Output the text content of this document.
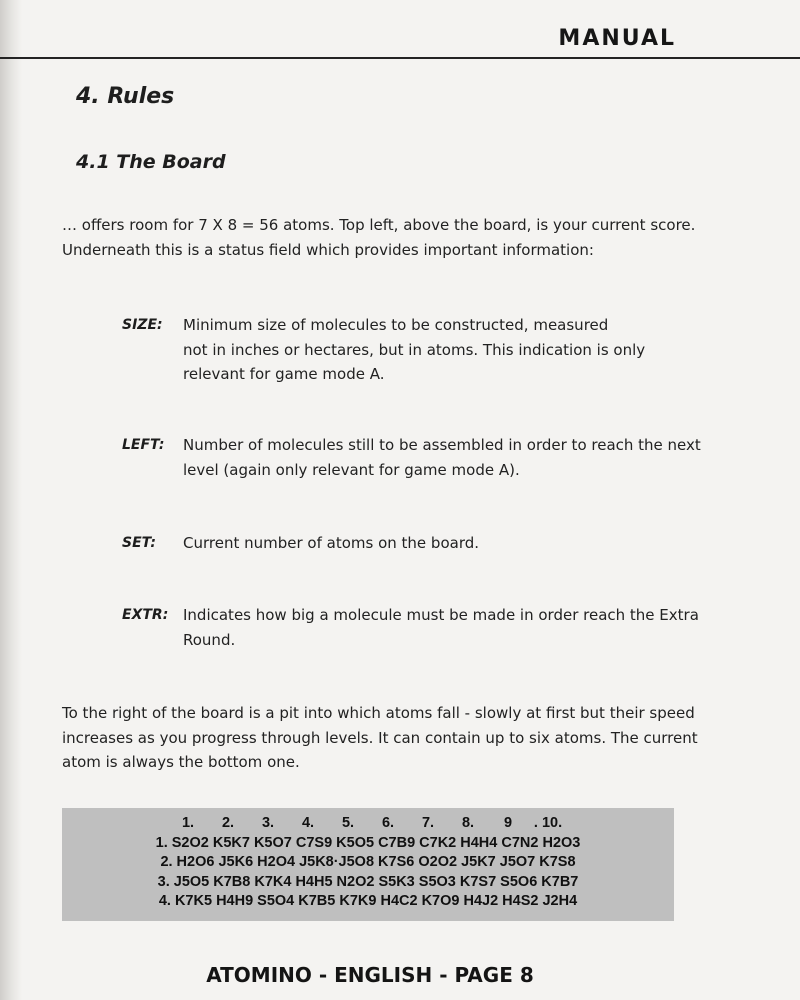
MANUAL
4. Rules
4.1 The Board
… offers room for 7 X 8 = 56 atoms. Top left, above the board, is your current score.
Underneath this is a status field which provides important information:
SIZE: Minimum size of molecules to be constructed, measured
not in inches or hectares, but in atoms. This indication is only
relevant for game mode A.
LEFT: Number of molecules still to be assembled in order to reach the next
level (again only relevant for game mode A).
SET: Current number of atoms on the board.
EXTR: Indicates how big a molecule must be made in order reach the Extra
Round.
To the right of the board is a pit into which atoms fall - slowly at first but their speed
increases as you progress through levels. It can contain up to six atoms. The current
atom is always the bottom one.
1. 2. 3. 4. 5. 6. 7. 8. 9 . 10.
1. S2O2 K5K7 K5O7 C7S9 K5O5 C7B9 C7K2 H4H4 C7N2 H2O3
2. H2O6 J5K6 H2O4 J5K8·J5O8 K7S6 O2O2 J5K7 J5O7 K7S8
3. J5O5 K7B8 K7K4 H4H5 N2O2 S5K3 S5O3 K7S7 S5O6 K7B7
4. K7K5 H4H9 S5O4 K7B5 K7K9 H4C2 K7O9 H4J2 H4S2 J2H4
ATOMINO - ENGLISH - PAGE 8
